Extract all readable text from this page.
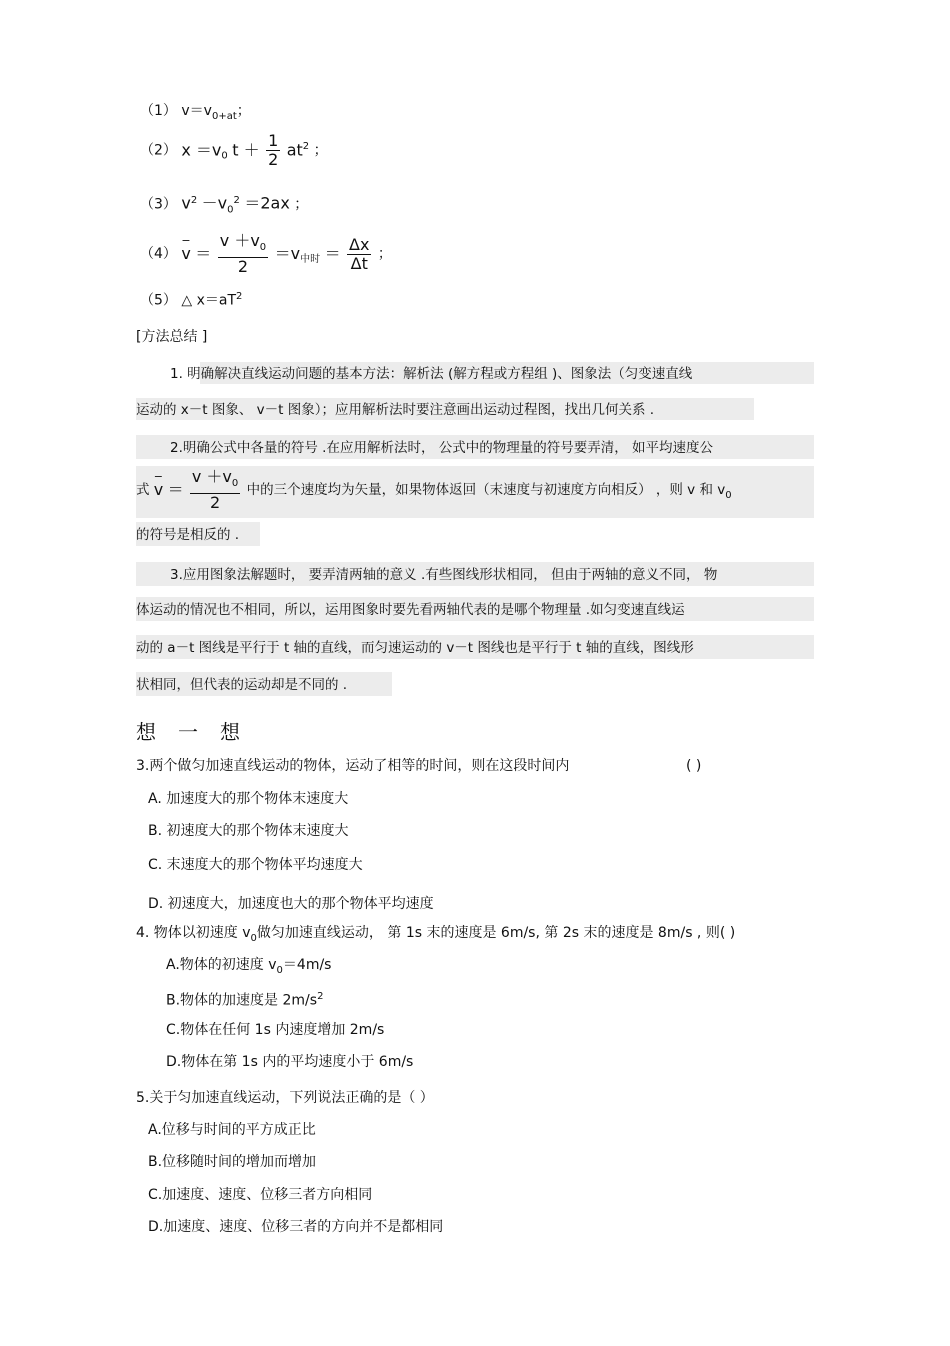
（1） $v=v_{0+at}$；
（2） $x =v_0$ $t + \frac{1}{2} at^2$ ；
（3） $v^2 -v_0^2 =2ax$ ；
$(4) - v = \frac{v +v_0}{2} =v_{中时} = \frac{\Delta x}{\Delta t}$ ；
（5） △ $x=aT^2$
[方法总结 ]
1. 明确解决直线运动问题的基本方法：解析法 (解方程或方程组 )、图象法（匀变速直线
运动的 x－t 图象、 v－t 图象）；应用解析法时要注意画出运动过程图，找出几何关系 .
2.明确公式中各量的符号 .在应用解析法时， 公式中的物理量的符号要弄清， 如平均速度公
式 − $v = \frac{v +v_0}{2}$ 中的三个速度均为矢量，如果物体返回（末速度与初速度方向相反） ，则 v 和 $v_0$
的符号是相反的 .
3.应用图象法解题时， 要弄清两轴的意义 .有些图线形状相同， 但由于两轴的意义不同， 物
体运动的情况也不相同，所以，运用图象时要先看两轴代表的是哪个物理量 .如匀变速直线运
动的 a－t 图线是平行于 t 轴的直线，而匀速运动的 v－t 图线也是平行于 t 轴的直线，图线形
状相同，但代表的运动却是不同的 .
想一想
3.两个做匀加速直线运动的物体，运动了相等的时间，则在这段时间内	( )
A. 加速度大的那个物体末速度大
B. 初速度大的那个物体末速度大
C. 末速度大的那个物体平均速度大
D. 初速度大，加速度也大的那个物体平均速度
4. 物体以初速度 $v_0$做匀加速直线运动， 第 1s 末的速度是 6m/s, 第 2s 末的速度是 8m/s , 则( )
A.物体的初速度 $v_0=4m/s$
B.物体的加速度是 $2m/s^2$
C.物体在任何 1s 内速度增加 2m/s
D.物体在第 1s 内的平均速度小于 6m/s
5.关于匀加速直线运动，下列说法正确的是（ ）
A.位移与时间的平方成正比
B.位移随时间的增加而增加
C.加速度、速度、位移三者方向相同
D.加速度、速度、位移三者的方向并不是都相同
